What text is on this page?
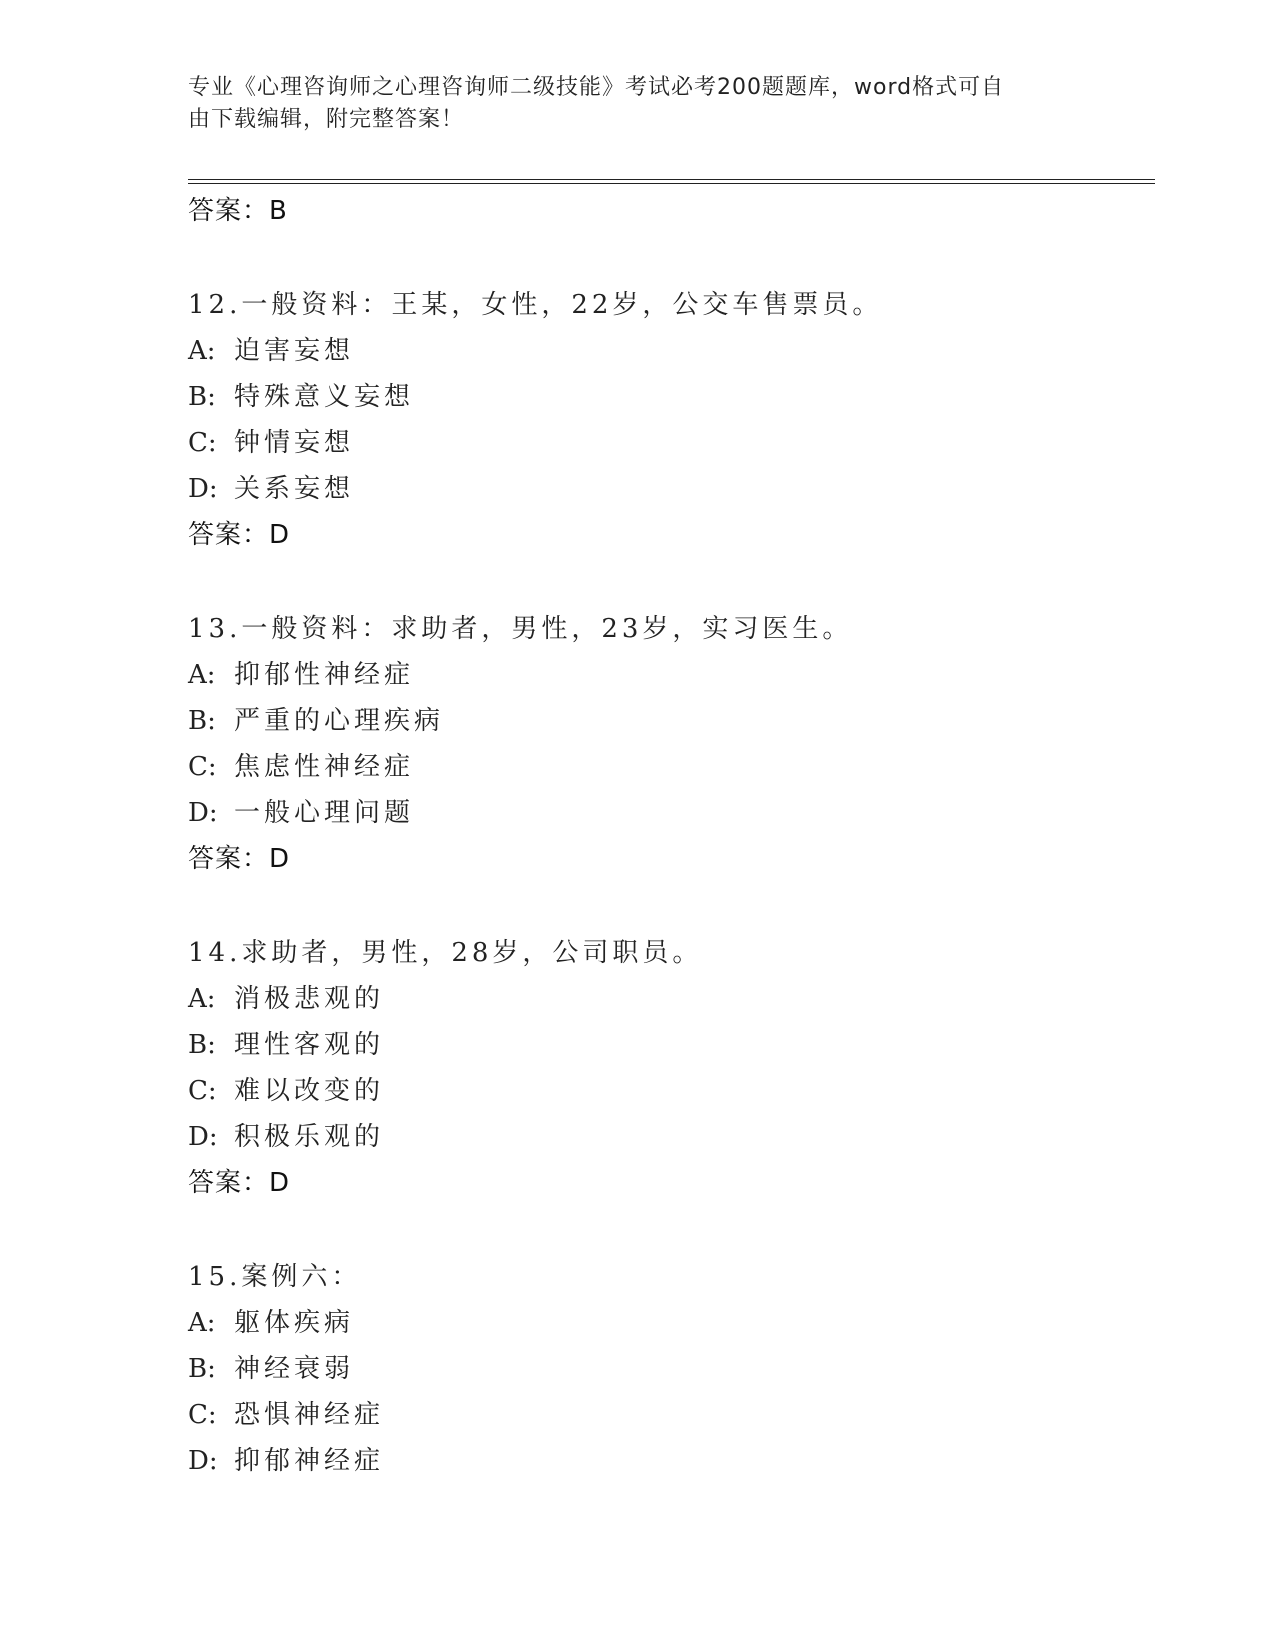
专业《心理咨询师之心理咨询师二级技能》考试必考200题题库，word格式可自
由下载编辑，附完整答案！
答案：B
12.一般资料：王某，女性，22岁，公交车售票员。
A: 迫害妄想
B: 特殊意义妄想
C: 钟情妄想
D: 关系妄想
答案：D
13.一般资料：求助者，男性，23岁，实习医生。
A: 抑郁性神经症
B: 严重的心理疾病
C: 焦虑性神经症
D: 一般心理问题
答案：D
14.求助者，男性，28岁，公司职员。
A: 消极悲观的
B: 理性客观的
C: 难以改变的
D: 积极乐观的
答案：D
15.案例六：
A: 躯体疾病
B: 神经衰弱
C: 恐惧神经症
D: 抑郁神经症
